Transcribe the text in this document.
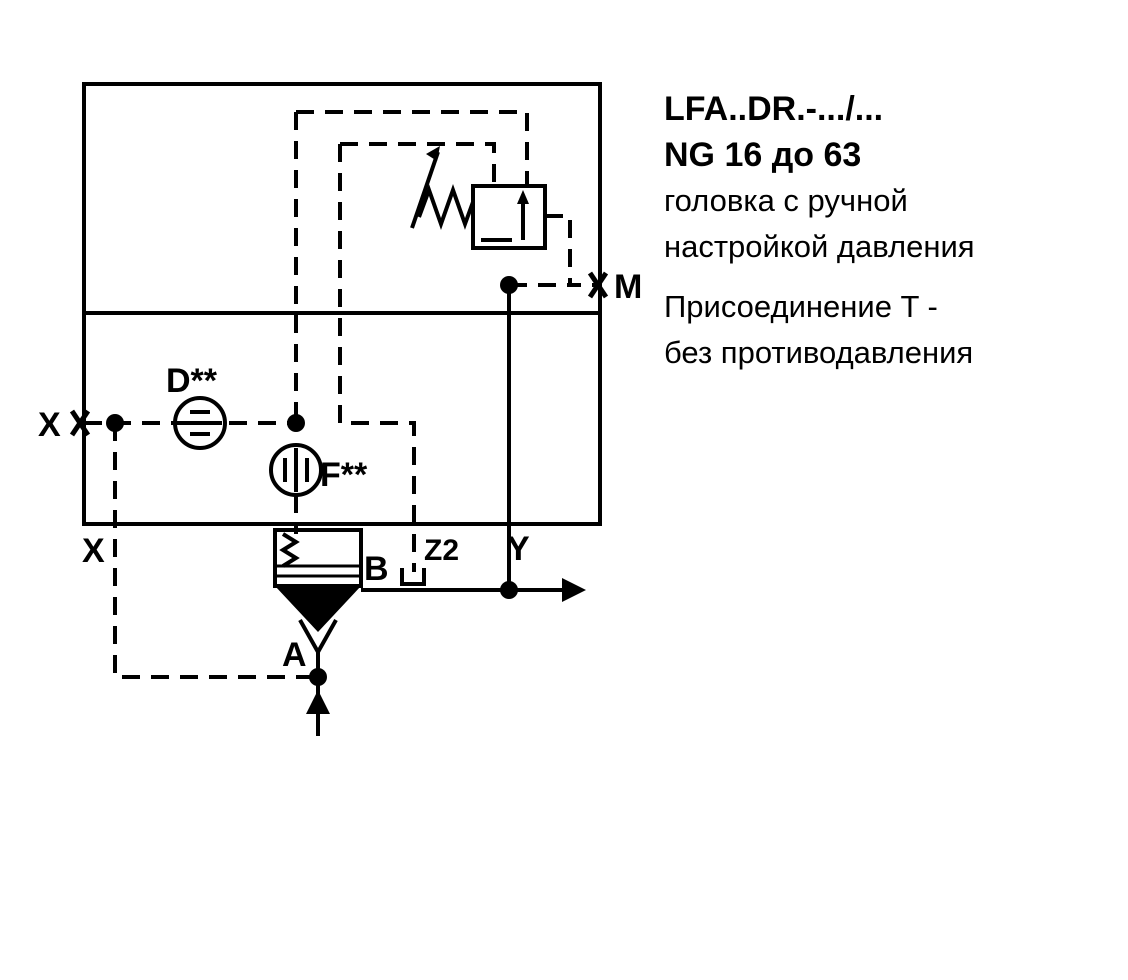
M
X
D**
F**
Z2
X	B
Y
A
LFA..DR.-.../...
NG 16 до 63
головка с ручной
настройкой давления
Присоединение T -
без противодавления
